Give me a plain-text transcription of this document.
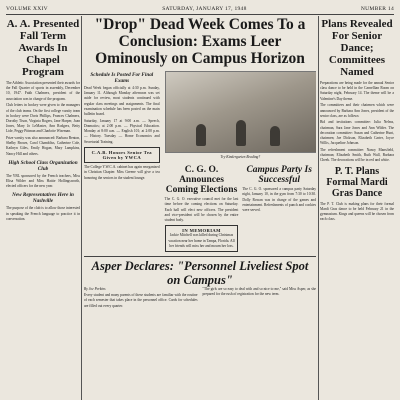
VOLUME XXIV	SATURDAY, JANUARY 17, 1948	NUMBER 14
A. A. Presented Fall Term Awards In Chapel Program

The Athletic Association presented their awards for the Fall Quarter of sports in assembly, December 10, 1947. Faith Chalmers, president of the association was in charge of the program.

Club letters in hockey were given to the managers of the club teams. On the first college varsity team in hockey were Doris Phillips, Frances Chalmers, Dorothy Tison, Virginia Rogers, Jane Harper, Joan Jones, Mary Jo LeMaster, Ann Rodgers, Betty Lide, Peggy Pittman and Charlotte Wiseman.

Prize varsity was also announced: Barbara Benton, Shelby Brown, Carol Chambliss, Catherine Cole, Kathryn Giles, Emily Hogan, Mary Lampkins, Nancy Hill and others.

High School Class Organization Club

The YBL sponsored by the French teachers, Miss Elisa Wilder and Miss Hattie Hollingsworth, elected officers for the new year.

New Representatives Here in Nashville

The purpose of the club is to allow those interested in speaking the French language to practice it in conversation.

"Drop" Dead Week Comes To a Conclusion: Exams Leer Ominously on Campus Horizon
Schedule Is Posted For Final Exams

Dead Week began officially at 4:30 p.m. Sunday, January 11. Although Monday afternoon was set aside for review, most students continued with regular class meetings and assignments. The final examination schedule has been posted on the main bulletin board.

Saturday, January 17 at 9:00 a.m. — Speech, Dramatics; at 2:00 p.m. — Physical Education. Monday at 8:00 a.m. — English 101; at 2:00 p.m. — History. Tuesday — Home Economics and Secretarial Training.

C.A.B. Honors Senior Tea Given by YWCA

The College Y.W.C.A. cabinet has again reorganized in Christian Chapter. Miss Greene will give a tea honoring the seniors in the student lounge.

Try Kindergarten Reading?
C. G. O. Announces Coming Elections

The C. G. O. executive council met for the last time before the coming elections on Saturday. Each hall will elect new officers. The president and vice-president will be chosen by the entire student body.

IN MEMORIAM
Jackie Mitchell was killed during Christmas vacation near her home in Tampa, Florida. All her friends will miss her and mourn her loss.
Campus Party Is Successful

The C. G. O. sponsored a campus party Saturday night, January 10, in the gym from 7:30 to 10:30. Dolly Rowan was in charge of the games and entertainment. Refreshments of punch and cookies were served.

Asper Declares: "Personnel Liveliest Spot on Campus"
By Joe Perkins

Every student and many parents of these students are familiar with the routine of each semester that takes place in the personnel office. Cards for schedules are filled out every quarter.

"The girls are so easy to deal with and so nice to me," said Miss Asper, as she prepared for the rush of registration for the new term.

Plans Revealed For Senior Dance; Committees Named

Preparations are being made for the annual Senior class dance to be held in the Carnellian Room on Saturday night, February 14. The theme will be a Valentine's Day theme.

The committees and their chairmen which were announced by Barbara Ann Jones, president of the senior class, are as follows:

Bid and invitations committee: Julia Nelms, chairman, Sara Jane Jones and Ann Wilder. The decoration committee: Susan and Catherine Hunt, chairmen; Joe Dickson, Elizabeth Carter, Joyce Willis, Jacqueline Johnson.

The refreshment committee: Nancy Mansfield, chairman; Elizabeth Smith, Ruth Wall, Barbara Cheek. The decorations will be in red and white.

P. T. Plans Formal Mardi Gras Dance

The P. T. Club is making plans for their formal Mardi Gras dance to be held February 21 in the gymnasium. Kings and queens will be chosen from each class.
